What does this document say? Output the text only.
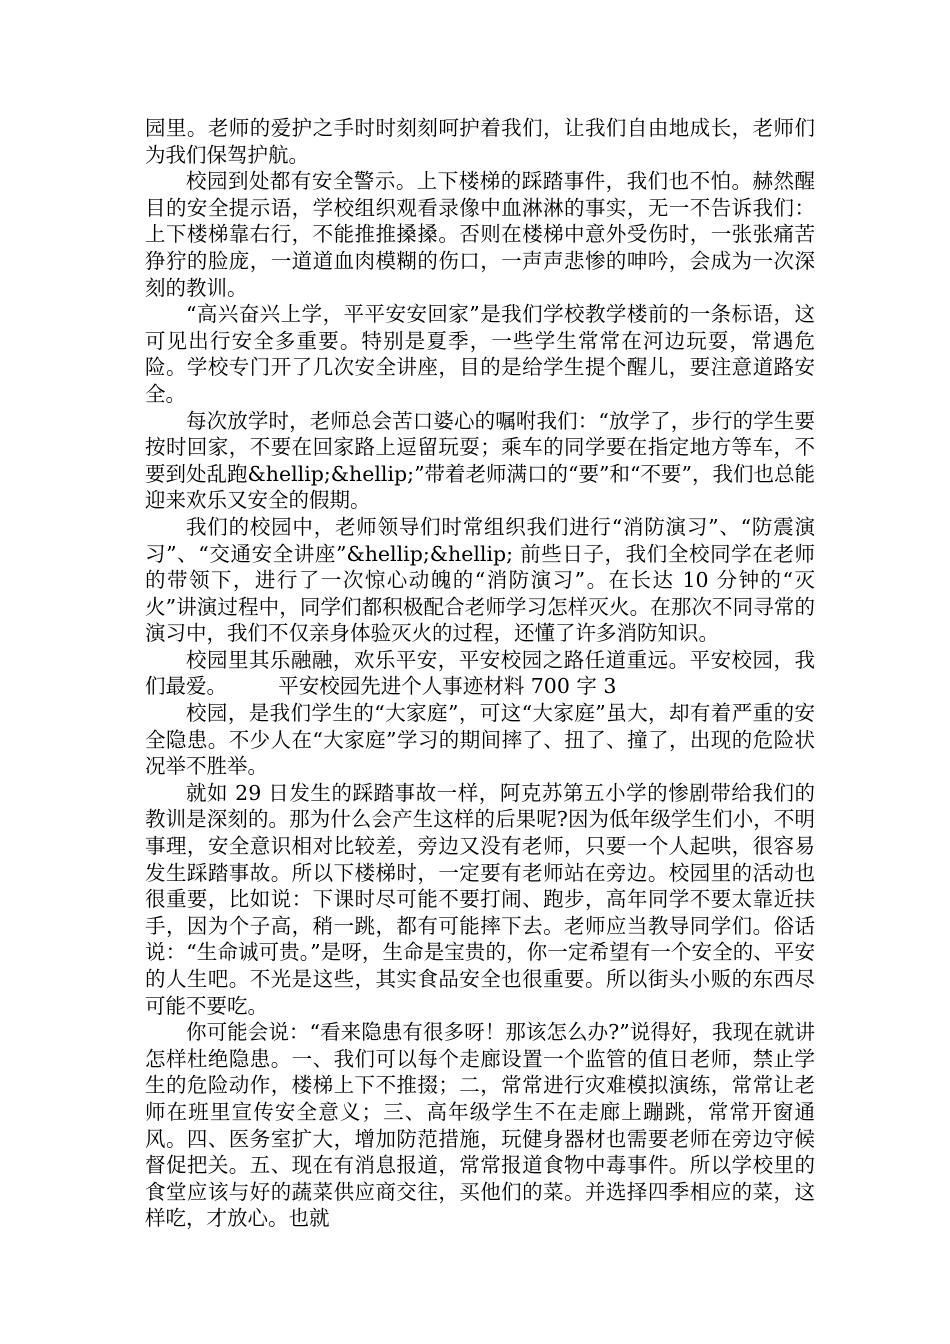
园里。老师的爱护之手时时刻刻呵护着我们，让我们自由地成长，老师们为我们保驾护航。

校园到处都有安全警示。上下楼梯的踩踏事件，我们也不怕。赫然醒目的安全提示语，学校组织观看录像中血淋淋的事实，无一不告诉我们：上下楼梯靠右行，不能推推搡搡。否则在楼梯中意外受伤时，一张张痛苦狰狞的脸庞，一道道血肉模糊的伤口，一声声悲惨的呻吟，会成为一次深刻的教训。

“高兴奋兴上学，平平安安回家”是我们学校教学楼前的一条标语，这可见出行安全多重要。特别是夏季，一些学生常常在河边玩耍，常遇危险。学校专门开了几次安全讲座，目的是给学生提个醒儿，要注意道路安全。

每次放学时，老师总会苦口婆心的嘱咐我们：“放学了，步行的学生要按时回家，不要在回家路上逗留玩耍；乘车的同学要在指定地方等车，不要到处乱跑&hellip;&hellip;”带着老师满口的“要”和“不要”，我们也总能迎来欢乐又安全的假期。

我们的校园中，老师领导们时常组织我们进行“消防演习”、“防震演习”、“交通安全讲座”&hellip;&hellip; 前些日子，我们全校同学在老师的带领下，进行了一次惊心动魄的“消防演习”。在长达 10 分钟的“灭火”讲演过程中，同学们都积极配合老师学习怎样灭火。在那次不同寻常的演习中，我们不仅亲身体验灭火的过程，还懂了许多消防知识。

校园里其乐融融，欢乐平安，平安校园之路任道重远。平安校园，我们最爱。	平安校园先进个人事迹材料 700 字 3

校园，是我们学生的“大家庭”，可这“大家庭”虽大，却有着严重的安全隐患。不少人在“大家庭”学习的期间摔了、扭了、撞了，出现的危险状况举不胜举。

就如 29 日发生的踩踏事故一样，阿克苏第五小学的惨剧带给我们的教训是深刻的。那为什么会产生这样的后果呢?因为低年级学生们小，不明事理，安全意识相对比较差，旁边又没有老师，只要一个人起哄，很容易发生踩踏事故。所以下楼梯时，一定要有老师站在旁边。校园里的活动也很重要，比如说：下课时尽可能不要打闹、跑步，高年同学不要太靠近扶手，因为个子高，稍一跳，都有可能摔下去。老师应当教导同学们。俗话说：“生命诚可贵。”是呀，生命是宝贵的，你一定希望有一个安全的、平安的人生吧。不光是这些，其实食品安全也很重要。所以街头小贩的东西尽可能不要吃。

你可能会说：“看来隐患有很多呀！那该怎么办?”说得好，我现在就讲怎样杜绝隐患。一、我们可以每个走廊设置一个监管的值日老师，禁止学生的危险动作，楼梯上下不推掇；二，常常进行灾难模拟演练，常常让老师在班里宣传安全意义；三、高年级学生不在走廊上蹦跳，常常开窗通风。四、医务室扩大，增加防范措施，玩健身器材也需要老师在旁边守候督促把关。五、现在有消息报道，常常报道食物中毒事件。所以学校里的食堂应该与好的蔬菜供应商交往，买他们的菜。并选择四季相应的菜，这样吃，才放心。也就
